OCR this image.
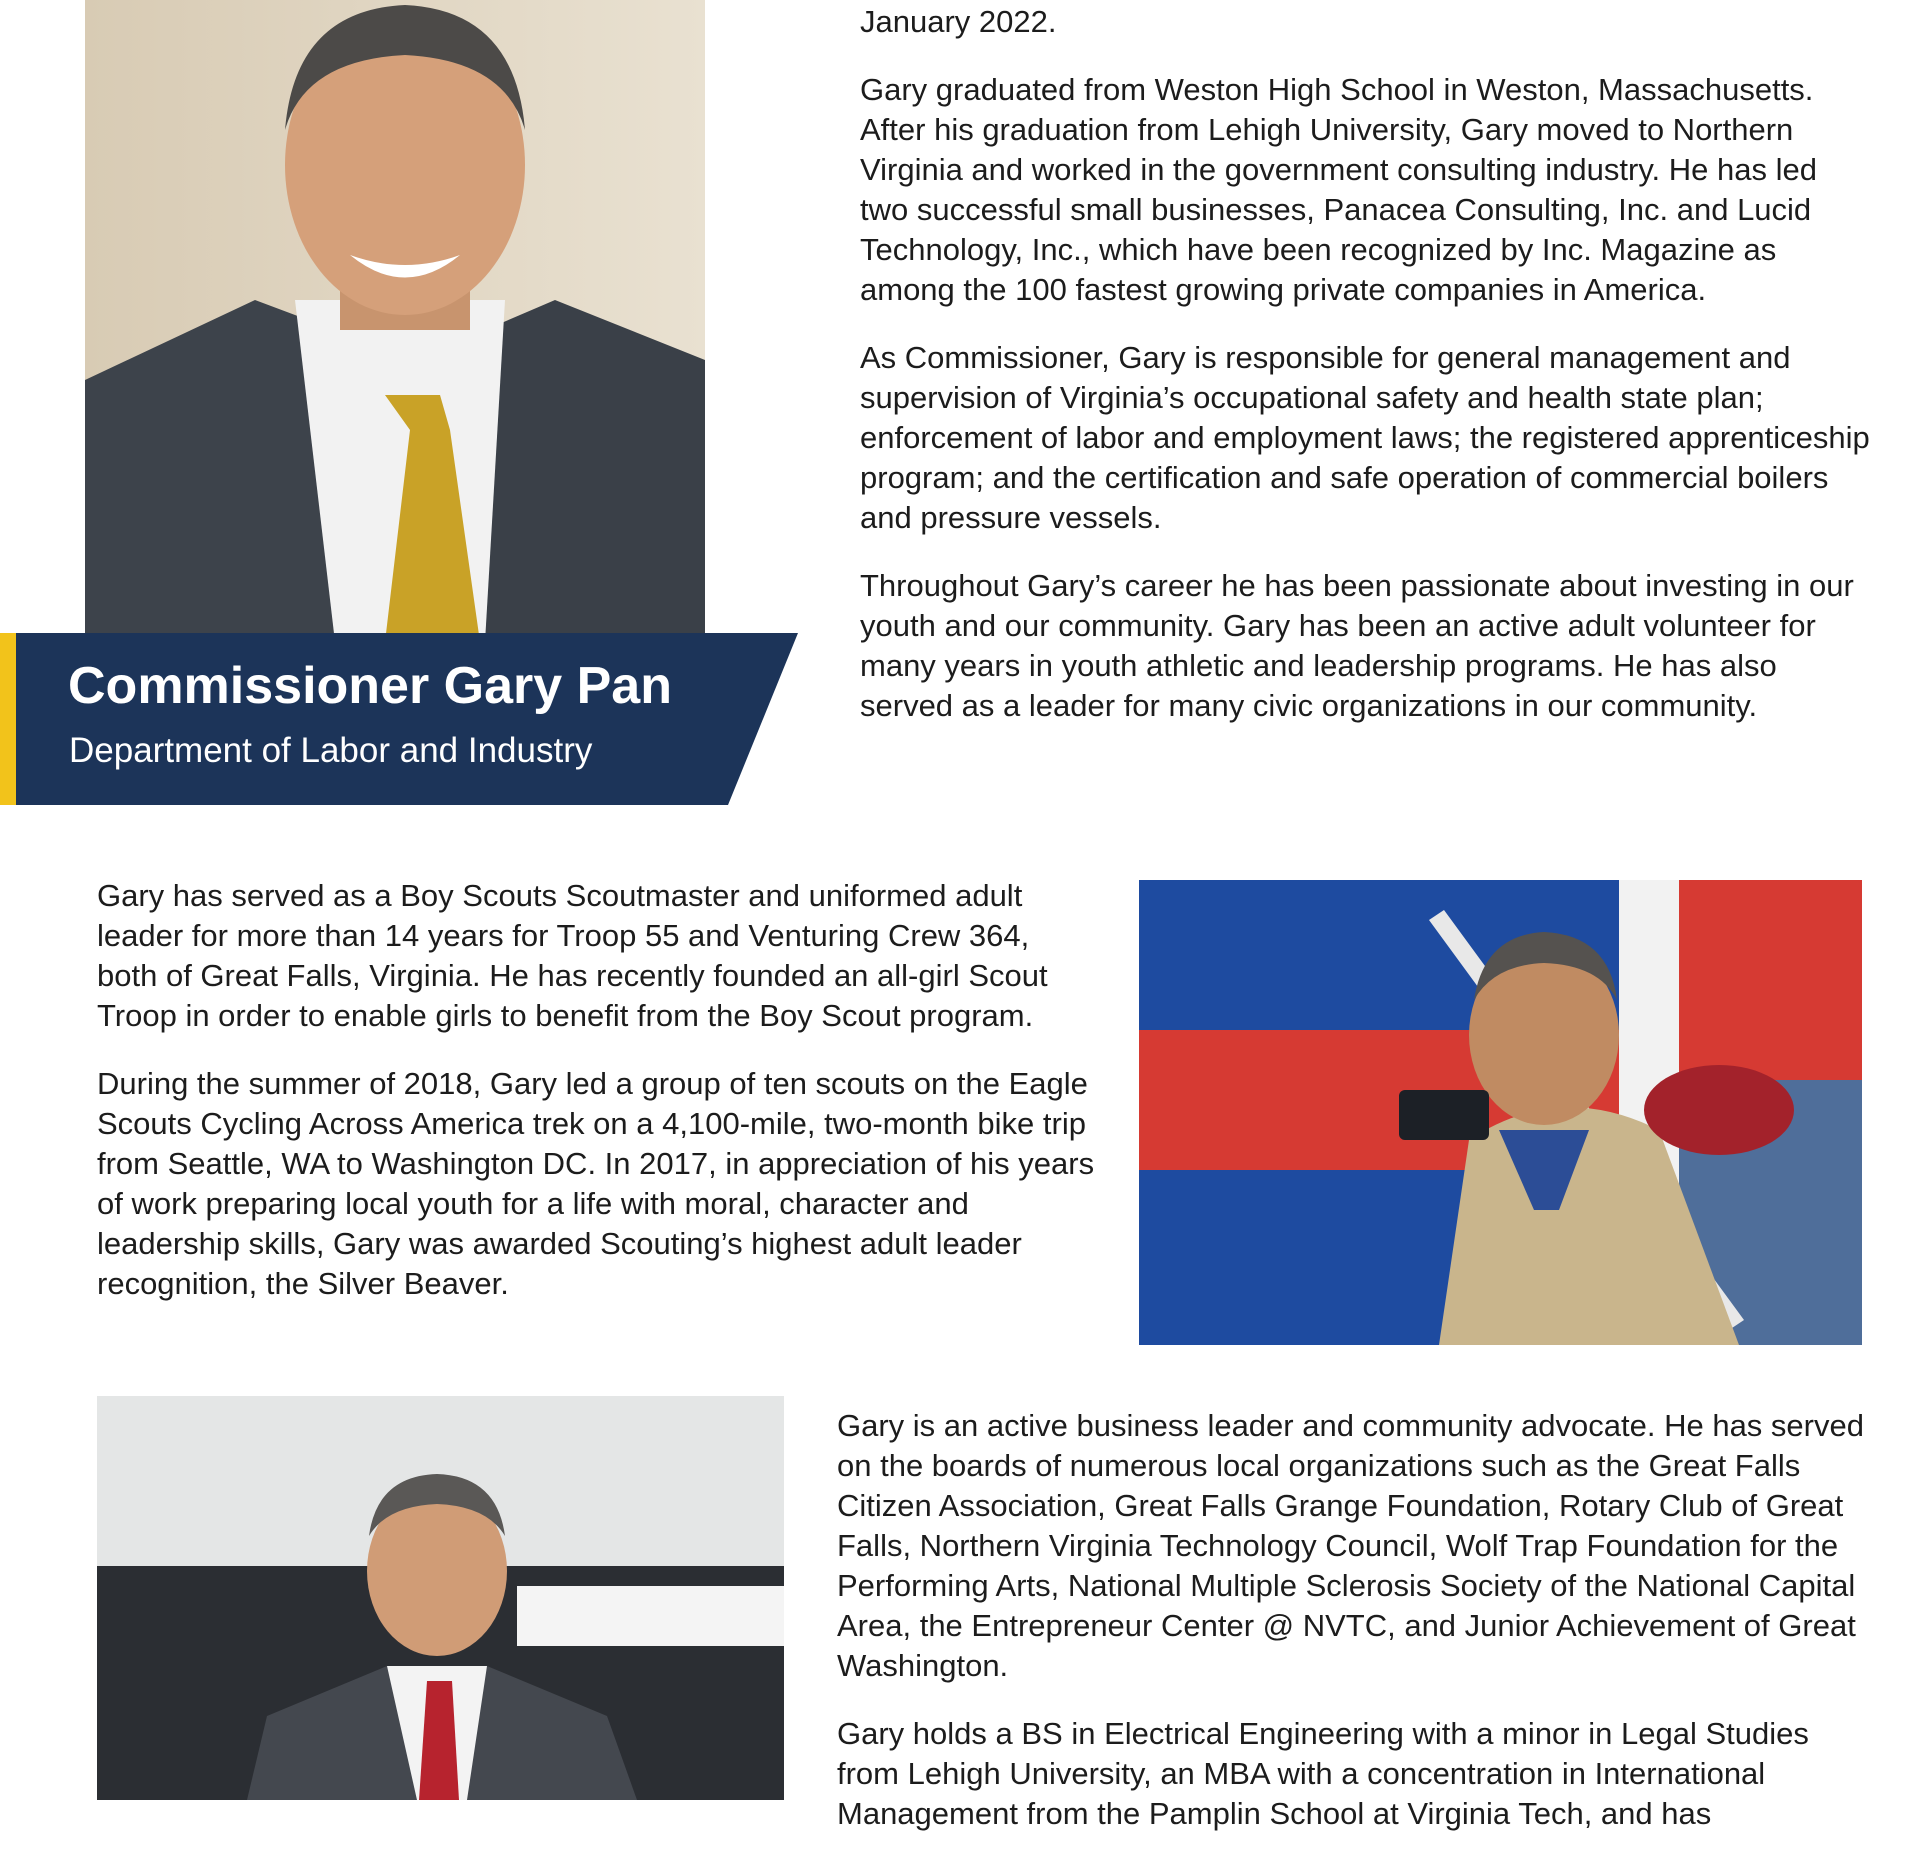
Commissioner Gary Pan
Department of Labor and Industry

January 2022.

Gary graduated from Weston High School in Weston, Massachusetts. After his graduation from Lehigh University, Gary moved to Northern Virginia and worked in the government consulting industry. He has led two successful small businesses, Panacea Consulting, Inc. and Lucid Technology, Inc., which have been recognized by Inc. Magazine as among the 100 fastest growing private companies in America.

As Commissioner, Gary is responsible for general management and supervision of Virginia’s occupational safety and health state plan; enforcement of labor and employment laws; the registered apprenticeship program; and the certification and safe operation of commercial boilers and pressure vessels.

Throughout Gary’s career he has been passionate about investing in our youth and our community. Gary has been an active adult volunteer for many years in youth athletic and leadership programs. He has also served as a leader for many civic organizations in our community.

Gary has served as a Boy Scouts Scoutmaster and uniformed adult leader for more than 14 years for Troop 55 and Venturing Crew 364, both of Great Falls, Virginia. He has recently founded an all-girl Scout Troop in order to enable girls to benefit from the Boy Scout program.

During the summer of 2018, Gary led a group of ten scouts on the Eagle Scouts Cycling Across America trek on a 4,100-mile, two-month bike trip from Seattle, WA to Washington DC. In 2017, in appreciation of his years of work preparing local youth for a life with moral, character and leadership skills, Gary was awarded Scouting’s highest adult leader recognition, the Silver Beaver.

Gary is an active business leader and community advocate. He has served on the boards of numerous local organizations such as the Great Falls Citizen Association, Great Falls Grange Foundation, Rotary Club of Great Falls, Northern Virginia Technology Council, Wolf Trap Foundation for the Performing Arts, National Multiple Sclerosis Society of the National Capital Area, the Entrepreneur Center @ NVTC, and Junior Achievement of Great Washington.

Gary holds a BS in Electrical Engineering with a minor in Legal Studies from Lehigh University, an MBA with a concentration in International Management from the Pamplin School at Virginia Tech, and has
